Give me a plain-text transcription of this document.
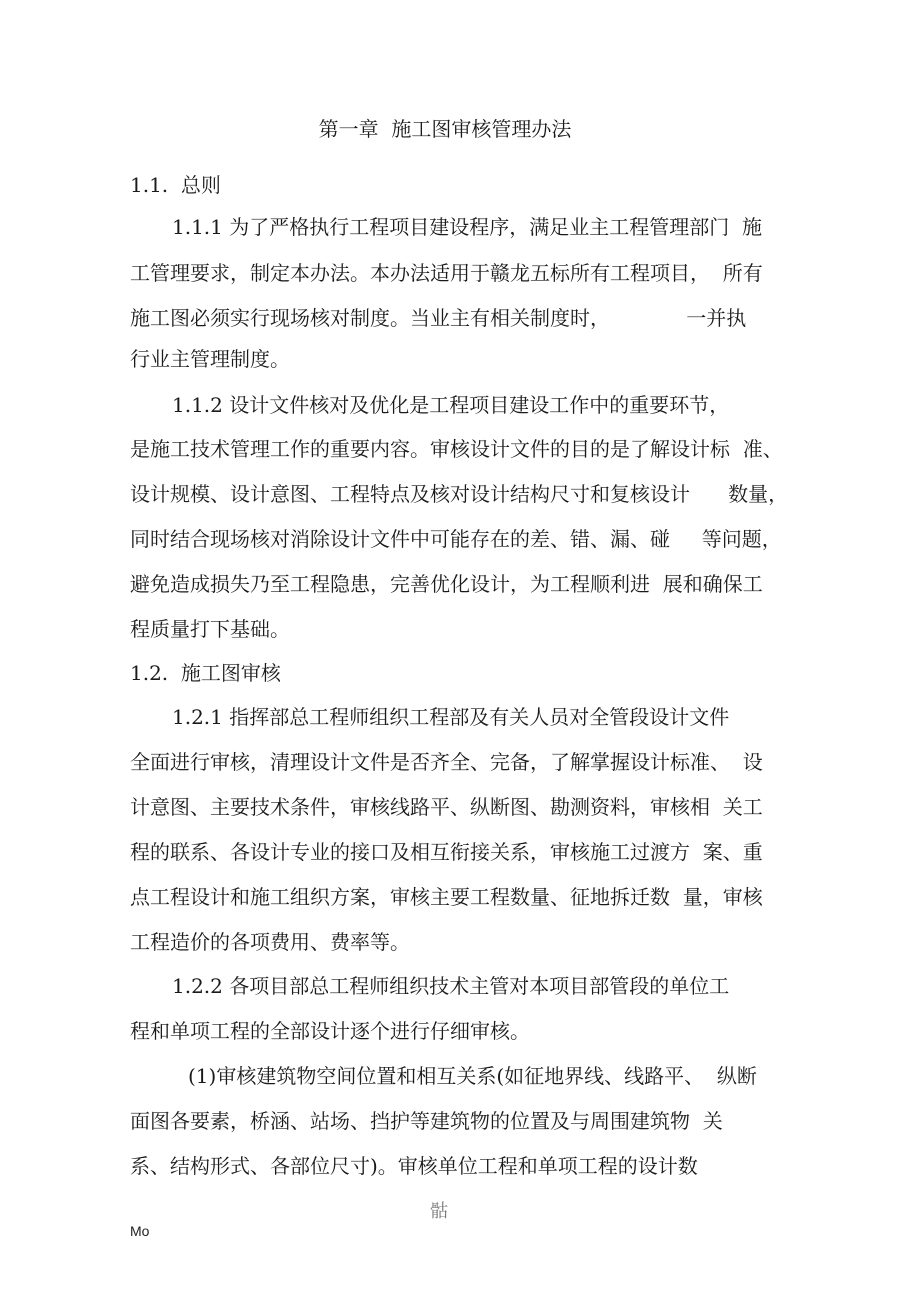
第一章  施工图审核管理办法
1.1.  总则
1.1.1 为了严格执行工程项目建设程序，满足业主工程管理部门  施
工管理要求，制定本办法。本办法适用于赣龙五标所有工程项目，  所有
施工图必须实行现场核对制度。当业主有相关制度时，            一并执
行业主管理制度。
1.1.2 设计文件核对及优化是工程项目建设工作中的重要环节，
是施工技术管理工作的重要内容。审核设计文件的目的是了解设计标  准、
设计规模、设计意图、工程特点及核对设计结构尺寸和复核设计      数量，
同时结合现场核对消除设计文件中可能存在的差、错、漏、碰     等问题，
避免造成损失乃至工程隐患，完善优化设计，为工程顺利进  展和确保工
程质量打下基础。
1.2.  施工图审核
1.2.1 指挥部总工程师组织工程部及有关人员对全管段设计文件
全面进行审核，清理设计文件是否齐全、完备，了解掌握设计标准、  设
计意图、主要技术条件，审核线路平、纵断图、勘测资料，审核相  关工
程的联系、各设计专业的接口及相互衔接关系，审核施工过渡方  案、重
点工程设计和施工组织方案，审核主要工程数量、征地拆迁数  量，审核
工程造价的各项费用、费率等。
1.2.2 各项目部总工程师组织技术主管对本项目部管段的单位工
程和单项工程的全部设计逐个进行仔细审核。
(1)审核建筑物空间位置和相互关系(如征地界线、线路平、  纵断
面图各要素，桥涵、站场、挡护等建筑物的位置及与周围建筑物  关
系、结构形式、各部位尺寸)。审核单位工程和单项工程的设计数
骷
Mo
